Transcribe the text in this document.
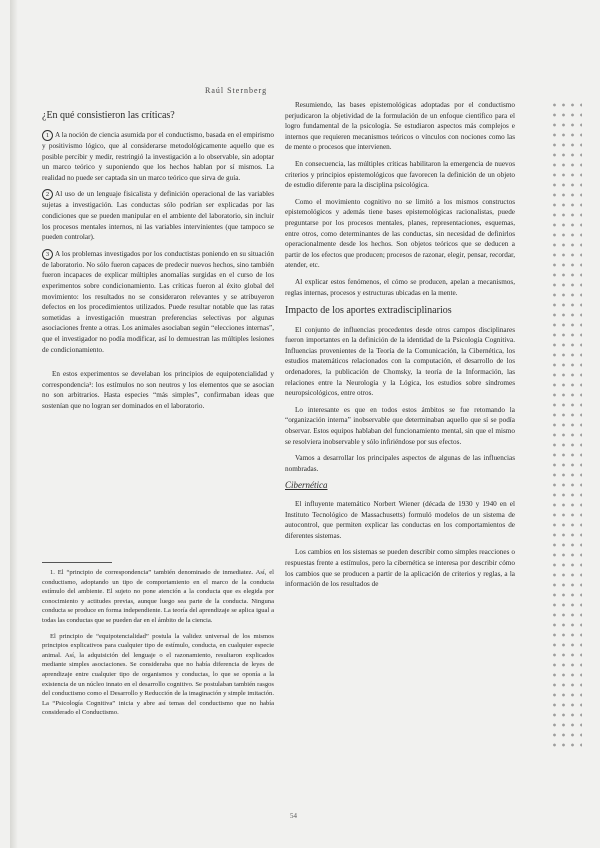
Raúl Sternberg
¿En qué consistieron las críticas?
1 A la noción de ciencia asumida por el conductismo, basada en el empirismo y positivismo lógico, que al considerarse metodológicamente aquello que es posible percibir y medir, restringió la investigación a lo observable, sin adoptar un marco teórico y suponiendo que los hechos hablan por sí mismos. La realidad no puede ser captada sin un marco teórico que sirva de guía.
2 Al uso de un lenguaje fisicalista y definición operacional de las variables sujetas a investigación. Las conductas sólo podrían ser explicadas por las condiciones que se pueden manipular en el ambiente del laboratorio, sin incluir los procesos mentales internos, ni las variables intervinientes (que tampoco se pueden controlar).
3 A los problemas investigados por los conductistas poniendo en su situación de laboratorio. No sólo fueron capaces de predecir nuevos hechos, sino también fueron incapaces de explicar múltiples anomalías surgidas en el curso de los experimentos sobre condicionamiento. Las críticas fueron al éxito global del movimiento: los resultados no se consideraron relevantes y se atribuyeron defectos en los procedimientos utilizados. Puede resultar notable que las ratas sometidas a investigación muestran preferencias selectivas por algunas asociaciones frente a otras. Los animales asociaban según “elecciones internas”, que el investigador no podía modificar, así lo demuestran las múltiples lesiones de condicionamiento.

En estos experimentos se develaban los principios de equipotencialidad y correspondencia¹: los estímulos no son neutros y los elementos que se asocian no son arbitrarios. Hasta especies “más simples”, confirmaban ideas que sostenían que no logran ser dominados en el laboratorio.

1. El “principio de correspondencia” también denominado de inmediatez. Así, el conductismo, adoptando un tipo de comportamiento en el marco de la conducta estímulo del ambiente. El sujeto no pone atención a la conducta que es elegida por conocimiento y actitudes previas, aunque luego sea parte de la conducta. Ninguna conducta se produce en forma independiente. La teoría del aprendizaje se aplica igual a todas las conductas que se pueden dar en el ámbito de la ciencia.

El principio de “equipotencialidad” postula la validez universal de los mismos principios explicativos para cualquier tipo de estímulo, conducta, en cualquier especie animal. Así, la adquisición del lenguaje o el razonamiento, resultaron explicados mediante simples asociaciones. Se consideraba que no había diferencia de leyes de aprendizaje entre cualquier tipo de organismos y conductas, lo que se oponía a la existencia de un núcleo innato en el desarrollo cognitivo. Se postulaban también rasgos del conductismo como el Desarrollo y Reducción de la imaginación y simple imitación. La “Psicología Cognitiva” inicia y abre así temas del conductismo que no había considerado el Conductismo.

Resumiendo, las bases epistemológicas adoptadas por el conductismo perjudicaron la objetividad de la formulación de un enfoque científico para el logro fundamental de la psicología. Se estudiaron aspectos más complejos e internos que requieren mecanismos teóricos o vínculos con nociones como las de mente o procesos que intervienen.

En consecuencia, las múltiples críticas habilitaron la emergencia de nuevos criterios y principios epistemológicos que favorecen la definición de un objeto de estudio diferente para la disciplina psicológica.

Como el movimiento cognitivo no se limitó a los mismos constructos epistemológicos y además tiene bases epistemológicas racionalistas, puede preguntarse por los procesos mentales, planes, representaciones, esquemas, entre otros, como determinantes de las conductas, sin necesidad de definirlos operacionalmente desde los hechos. Son objetos teóricos que se deducen a partir de los efectos que producen; procesos de razonar, elegir, pensar, recordar, atender, etc.

Al explicar estos fenómenos, el cómo se producen, apelan a mecanismos, reglas internas, procesos y estructuras ubicadas en la mente.

Impacto de los aportes extradisciplinarios

El conjunto de influencias procedentes desde otros campos disciplinares fueron importantes en la definición de la identidad de la Psicología Cognitiva. Influencias provenientes de la Teoría de la Comunicación, la Cibernética, los estudios matemáticos relacionados con la computación, el desarrollo de los ordenadores, la publicación de Chomsky, la teoría de la Información, las relaciones entre la Neurología y la Lógica, los estudios sobre síndromes neuropsicológicos, entre otros.

Lo interesante es que en todos estos ámbitos se fue retomando la “organización interna” inobservable que determinaban aquello que sí se podía observar. Estos equipos hablaban del funcionamiento mental, sin que el mismo se resolviera inobservable y sólo infiriéndose por sus efectos.

Vamos a desarrollar los principales aspectos de algunas de las influencias nombradas.

Cibernética

El influyente matemático Norbert Wiener (década de 1930 y 1940 en el Instituto Tecnológico de Massachusetts) formuló modelos de un sistema de autocontrol, que permiten explicar las conductas en los comportamientos de diferentes sistemas.

Los cambios en los sistemas se pueden describir como simples reacciones o respuestas frente a estímulos, pero la cibernética se interesa por describir cómo los cambios que se producen a partir de la aplicación de criterios y reglas, a la información de los resultados de

54
